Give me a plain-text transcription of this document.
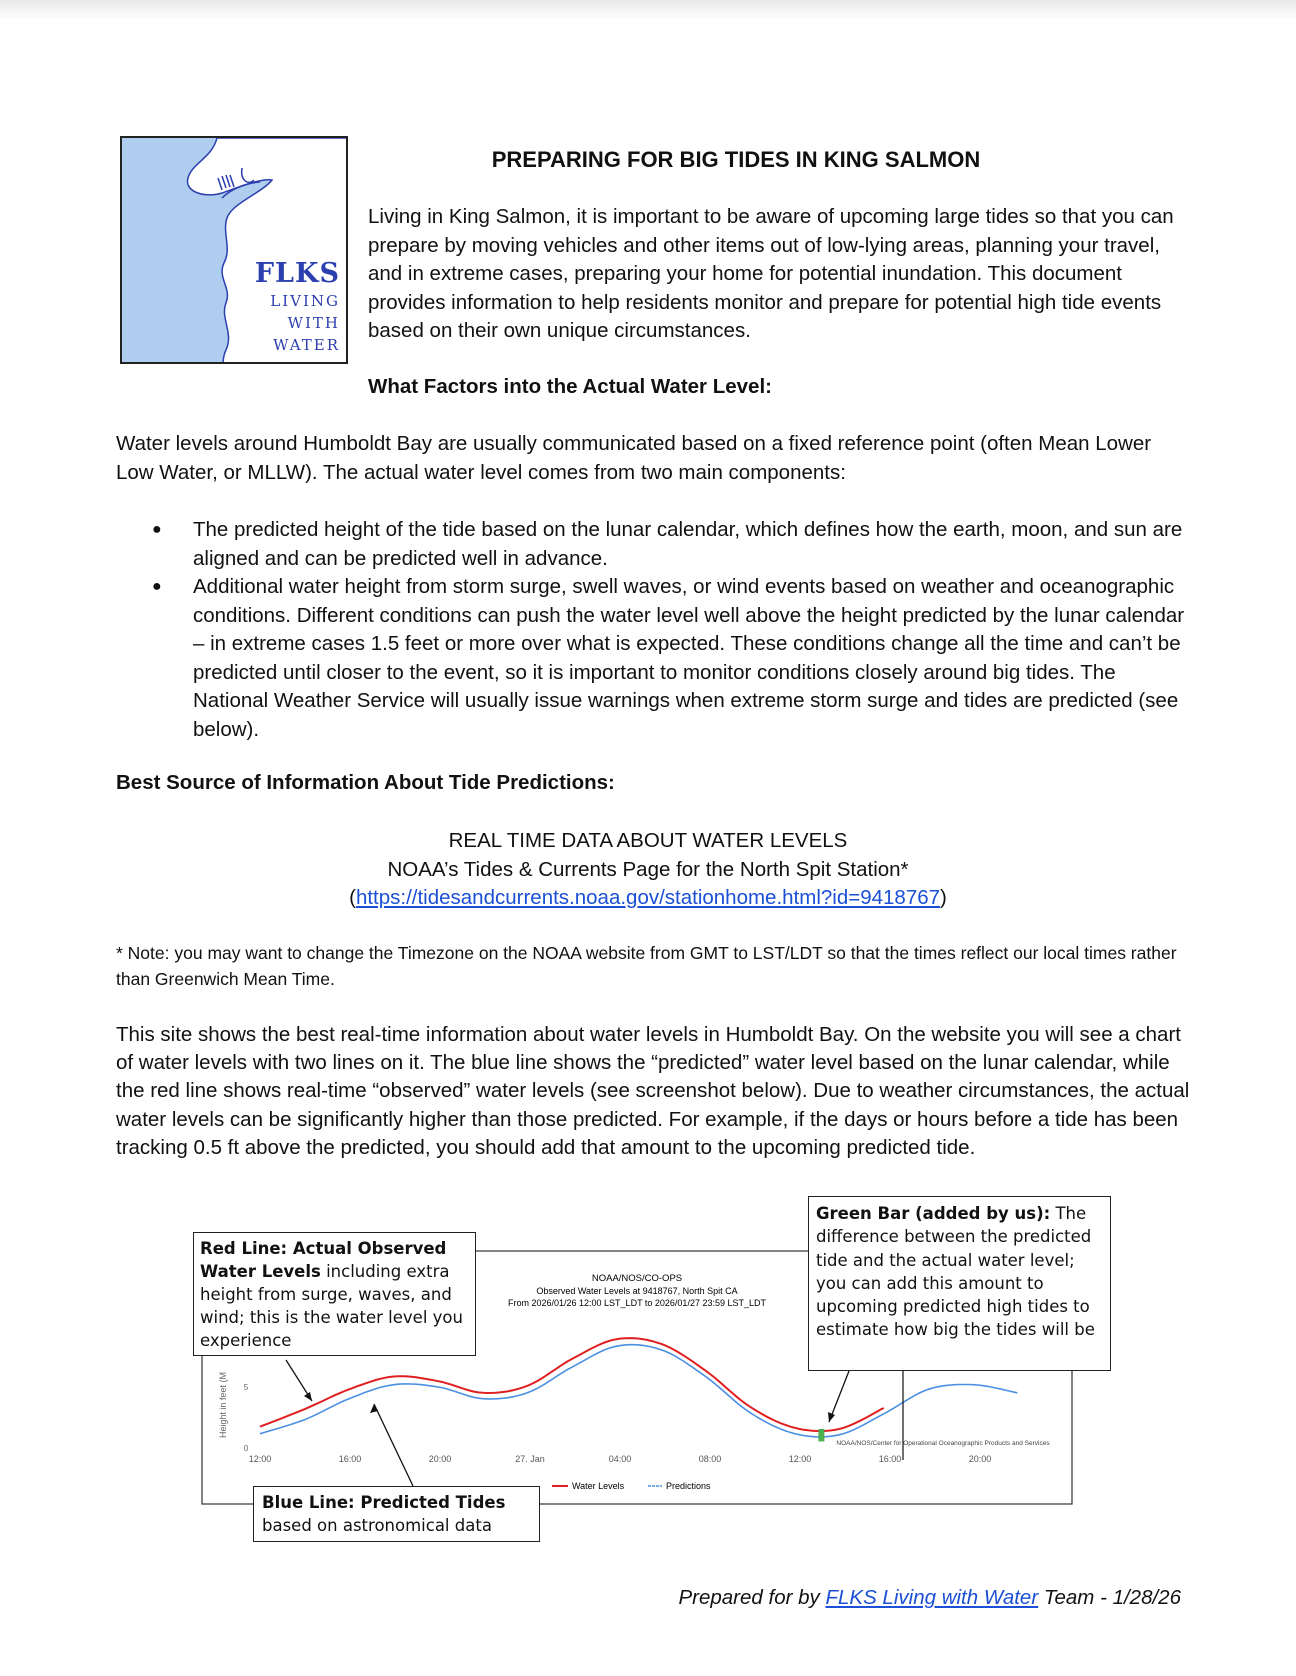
FLKS
LIVING
WITH
WATER
PREPARING FOR BIG TIDES IN KING SALMON
Living in King Salmon, it is important to be aware of upcoming large tides so that you can prepare by moving vehicles and other items out of low-lying areas, planning your travel, and in extreme cases, preparing your home for potential inundation. This document provides information to help residents monitor and prepare for potential high tide events based on their own unique circumstances.
What Factors into the Actual Water Level:
Water levels around Humboldt Bay are usually communicated based on a fixed reference point (often Mean Lower Low Water, or MLLW). The actual water level comes from two main components:
● The predicted height of the tide based on the lunar calendar, which defines how the earth, moon, and sun are aligned and can be predicted well in advance.
● Additional water height from storm surge, swell waves, or wind events based on weather and oceanographic conditions. Different conditions can push the water level well above the height predicted by the lunar calendar – in extreme cases 1.5 feet or more over what is expected. These conditions change all the time and can’t be predicted until closer to the event, so it is important to monitor conditions closely around big tides. The National Weather Service will usually issue warnings when extreme storm surge and tides are predicted (see below).
Best Source of Information About Tide Predictions:
REAL TIME DATA ABOUT WATER LEVELS
NOAA’s Tides & Currents Page for the North Spit Station*
(https://tidesandcurrents.noaa.gov/stationhome.html?id=9418767)
* Note: you may want to change the Timezone on the NOAA website from GMT to LST/LDT so that the times reflect our local times rather than Greenwich Mean Time.
This site shows the best real-time information about water levels in Humboldt Bay. On the website you will see a chart of water levels with two lines on it. The blue line shows the “predicted” water level based on the lunar calendar, while the red line shows real-time “observed” water levels (see screenshot below). Due to weather circumstances, the actual water levels can be significantly higher than those predicted. For example, if the days or hours before a tide has been tracking 0.5 ft above the predicted, you should add that amount to the upcoming predicted tide.
NOAA/NOS/CO-OPS
Observed Water Levels at 9418767, North Spit CA
From 2026/01/26 12:00 LST_LDT to 2026/01/27 23:59 LST_LDT
Height in feet (M 5
0
12:00	16:00	20:00	27. Jan	04:00	08:00	12:00	16:00	20:00
NOAA/NOS/Center for Operational Oceanographic Products and Services
Water Levels	Predictions
Red Line: Actual Observed Water Levels including extra height from surge, waves, and wind; this is the water level you experience
Blue Line: Predicted Tides based on astronomical data
Green Bar (added by us): The difference between the predicted tide and the actual water level; you can add this amount to upcoming predicted high tides to estimate how big the tides will be
Prepared for by FLKS Living with Water Team - 1/28/26
